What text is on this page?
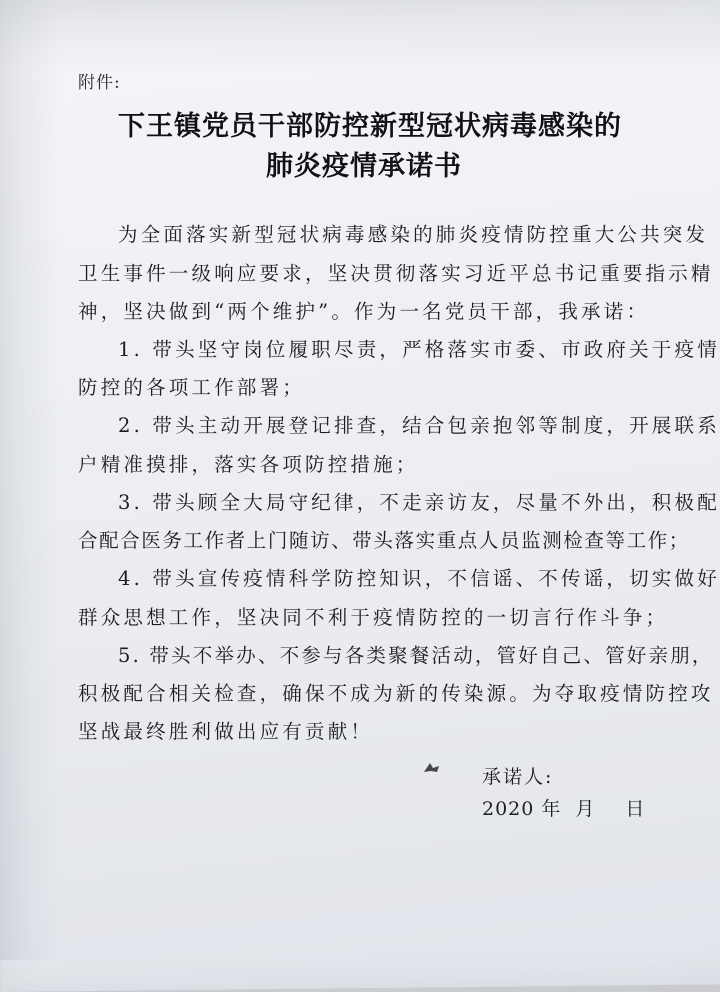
附件:
下王镇党员干部防控新型冠状病毒感染的
肺炎疫情承诺书
为全面落实新型冠状病毒感染的肺炎疫情防控重大公共突发
卫生事件一级响应要求，坚决贯彻落实习近平总书记重要指示精
神，坚决做到“两个维护”。作为一名党员干部，我承诺：
1. 带头坚守岗位履职尽责，严格落实市委、市政府关于疫情
防控的各项工作部署；
2. 带头主动开展登记排查，结合包亲抱邻等制度，开展联系
户精准摸排，落实各项防控措施；
3. 带头顾全大局守纪律，不走亲访友，尽量不外出，积极配
合配合医务工作者上门随访、带头落实重点人员监测检查等工作；
4. 带头宣传疫情科学防控知识，不信谣、不传谣，切实做好
群众思想工作，坚决同不利于疫情防控的一切言行作斗争；
5. 带头不举办、不参与各类聚餐活动，管好自己、管好亲朋，
积极配合相关检查，确保不成为新的传染源。为夺取疫情防控攻
坚战最终胜利做出应有贡献！
承诺人:
2020 年 月 日
